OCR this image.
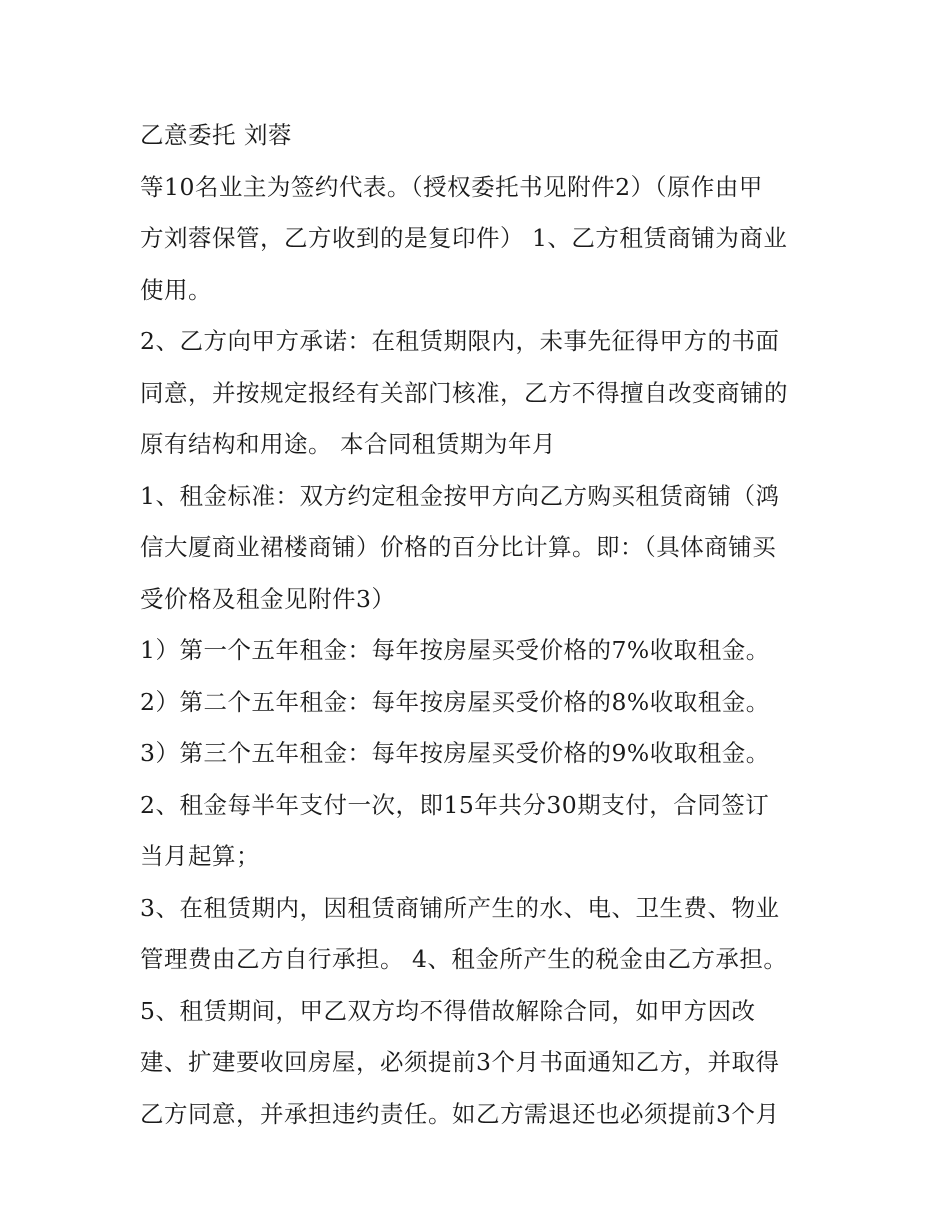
乙意委托 刘蓉
等10名业主为签约代表。（授权委托书见附件2）（原作由甲
方刘蓉保管，乙方收到的是复印件） 1、乙方租赁商铺为商业
使用。
2、乙方向甲方承诺：在租赁期限内，未事先征得甲方的书面
同意，并按规定报经有关部门核准，乙方不得擅自改变商铺的
原有结构和用途。 本合同租赁期为年月
1、租金标准：双方约定租金按甲方向乙方购买租赁商铺（鸿
信大厦商业裙楼商铺）价格的百分比计算。即：（具体商铺买
受价格及租金见附件3）
1）第一个五年租金：每年按房屋买受价格的7%收取租金。
2）第二个五年租金：每年按房屋买受价格的8%收取租金。
3）第三个五年租金：每年按房屋买受价格的9%收取租金。
2、租金每半年支付一次，即15年共分30期支付，合同签订
当月起算；
3、在租赁期内，因租赁商铺所产生的水、电、卫生费、物业
管理费由乙方自行承担。 4、租金所产生的税金由乙方承担。
5、租赁期间，甲乙双方均不得借故解除合同，如甲方因改
建、扩建要收回房屋，必须提前3个月书面通知乙方，并取得
乙方同意，并承担违约责任。如乙方需退还也必须提前3个月
